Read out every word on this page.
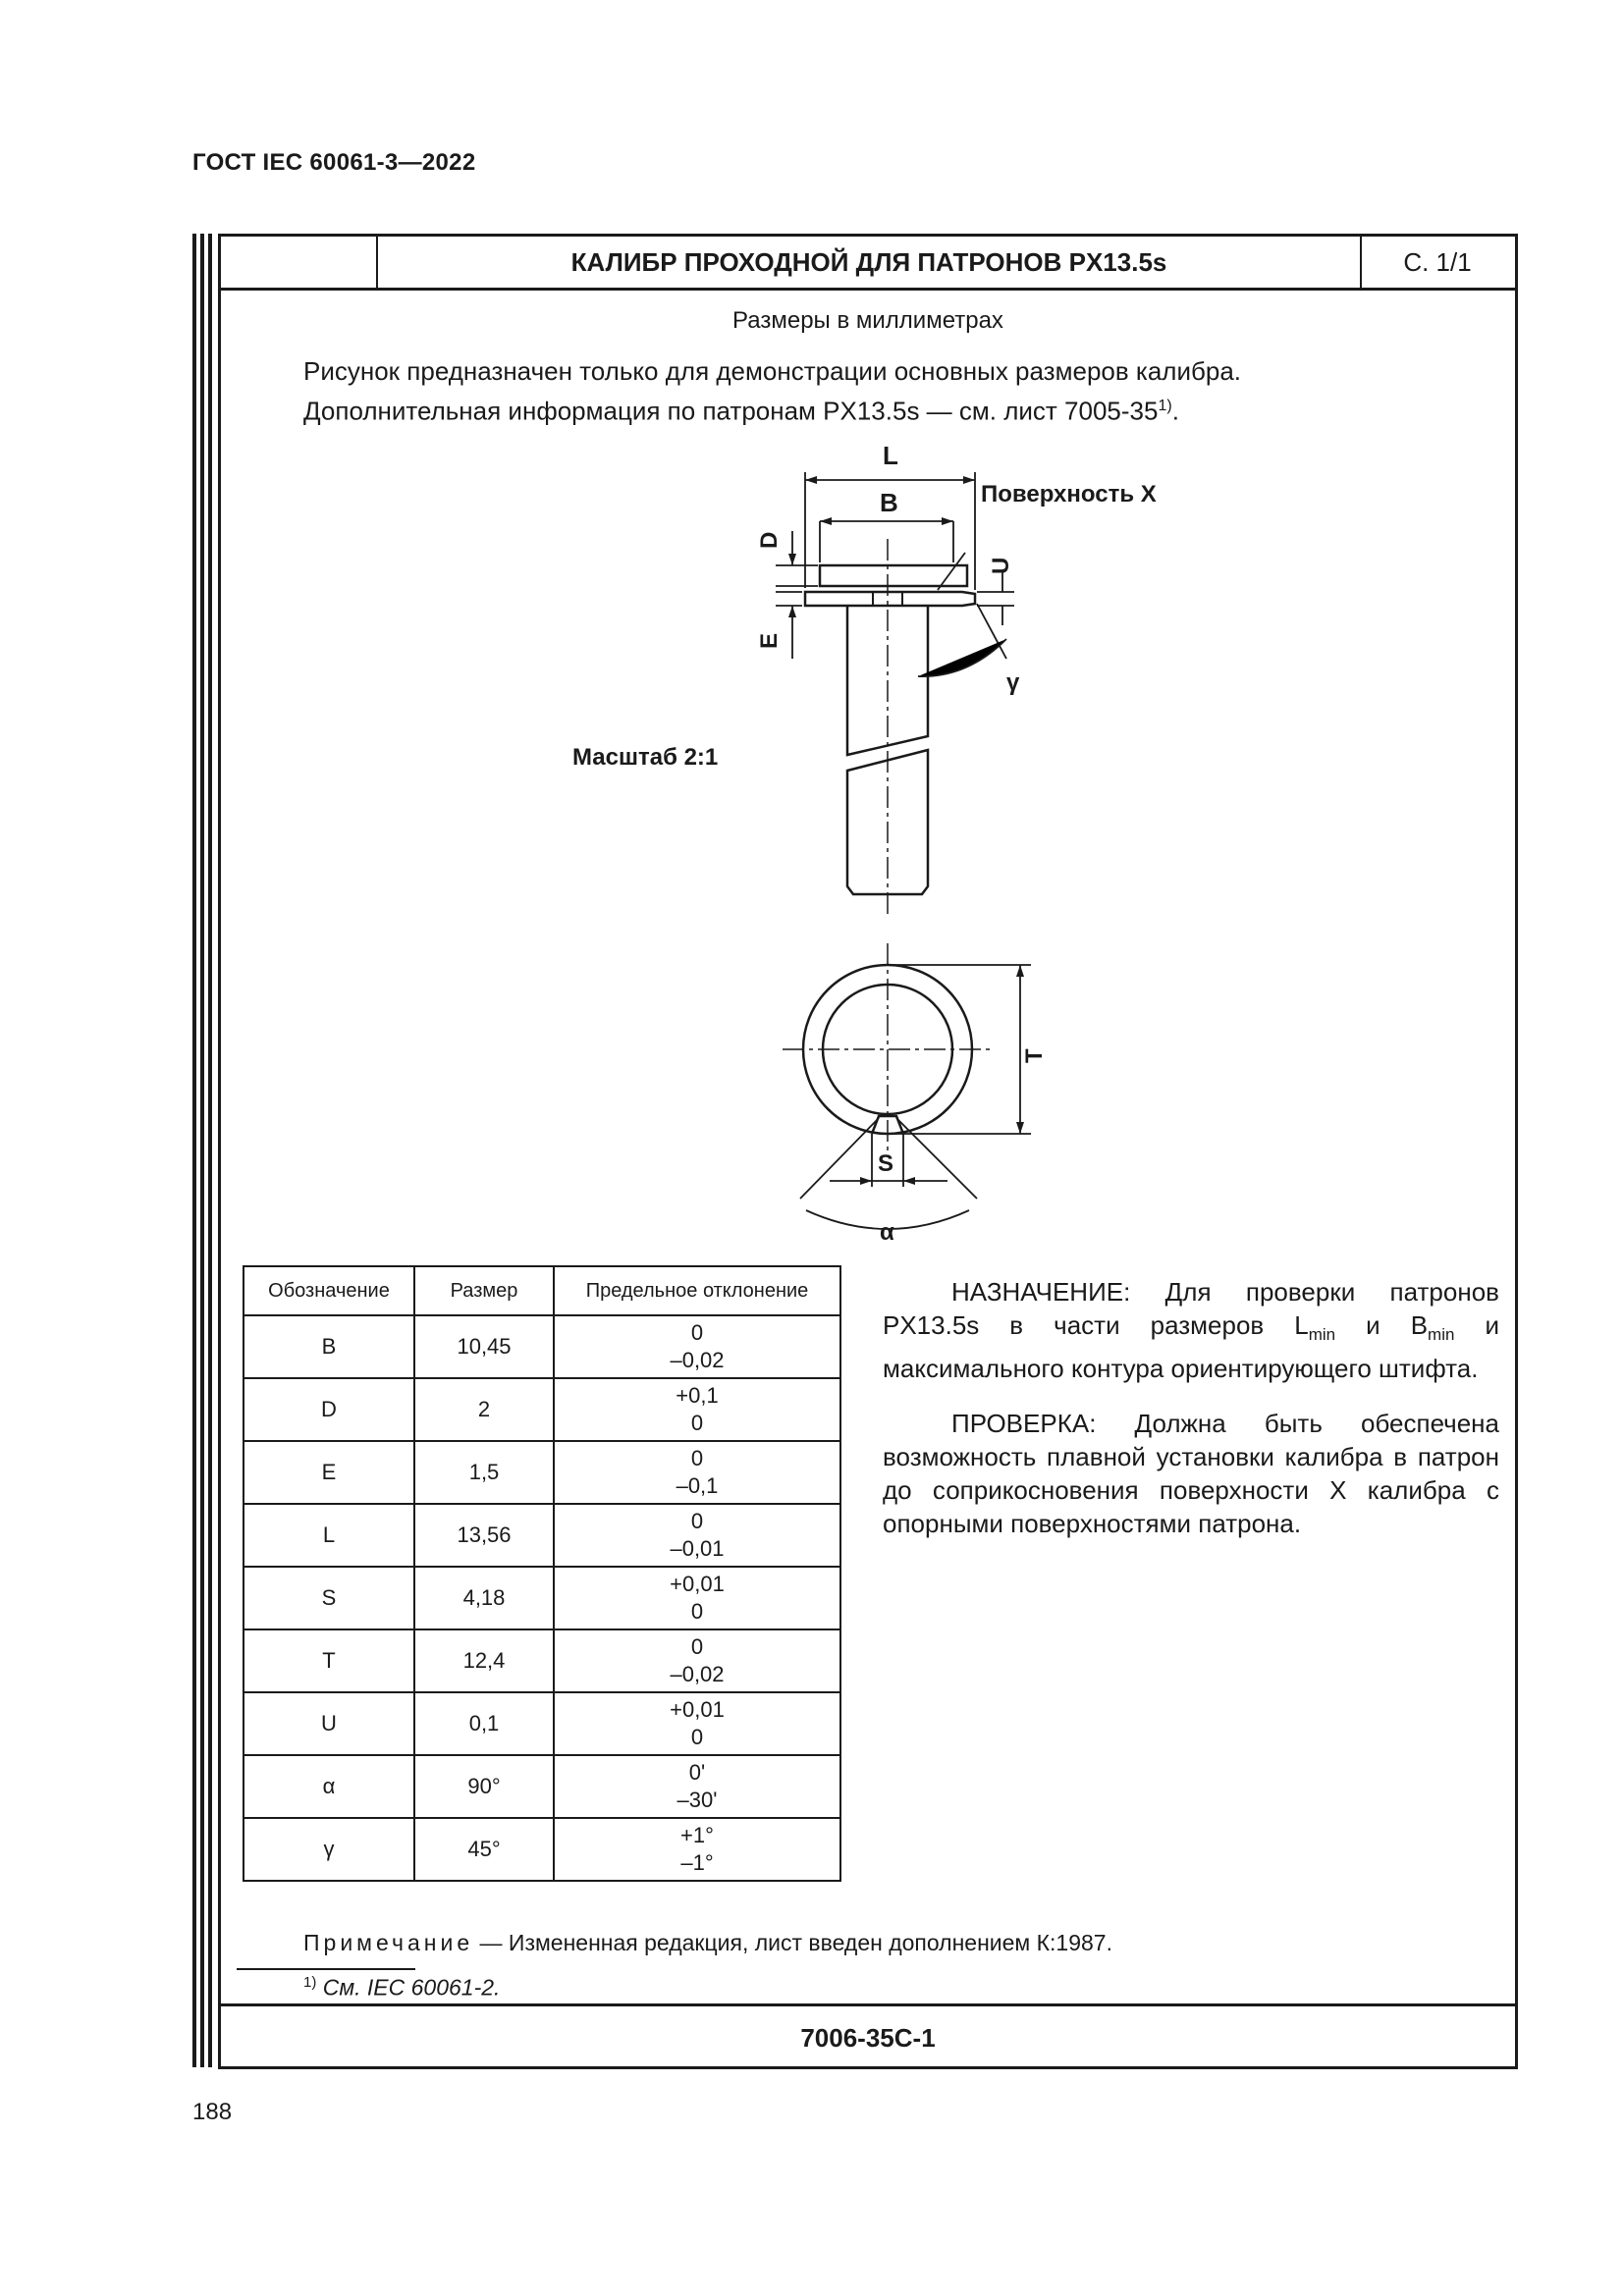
ГОСТ IEC 60061-3—2022
КАЛИБР ПРОХОДНОЙ ДЛЯ ПАТРОНОВ PX13.5s	С. 1/1
Размеры в миллиметрах
Рисунок предназначен только для демонстрации основных размеров калибра.
Дополнительная информация по патронам PX13.5s — см. лист 7005-35$^{1)}$.
L
B
D
E
U
γ
Поверхность X
Масштаб 2:1
T
S
α
Обозначение	Размер	Предельное отклонение
B	10,45	0
–0,02

D	2	+0,1
0

E	1,5	0
–0,1

L	13,56	0
–0,01

S	4,18	+0,01
0

T	12,4	0
–0,02

U	0,1	+0,01
0

α	90°	0'
–30'

γ	45°	+1°
–1°
НАЗНАЧЕНИЕ: Для проверки патронов PX13.5s в части размеров $L_{min}$ и $B_{min}$ и максимального контура ориентирующего штифта.
ПРОВЕРКА: Должна быть обеспечена возможность плавной установки калибра в патрон до соприкосновения поверхности X калибра с опорными поверхностями патрона.
Примечание — Измененная редакция, лист введен дополнением К:1987.
$^{1)}$ См. IEC 60061-2.
7006-35C-1
188
